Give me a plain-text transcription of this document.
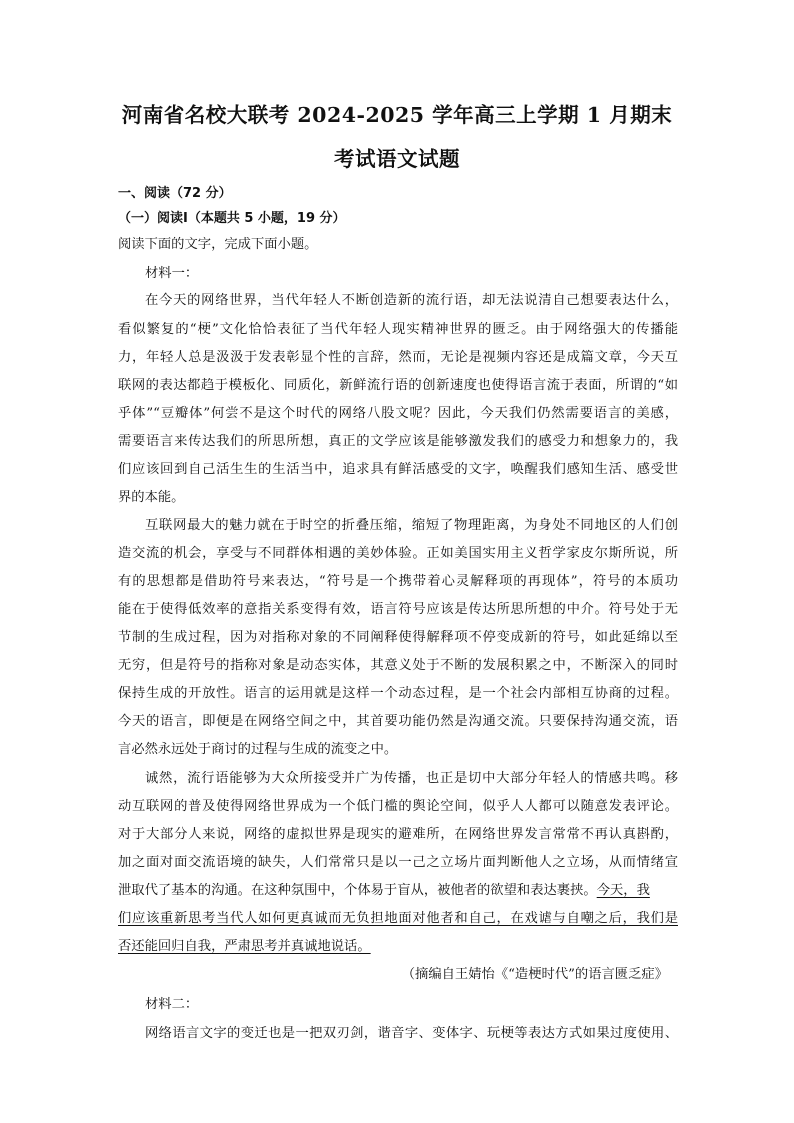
河南省名校大联考 2024-2025 学年高三上学期 1 月期末
考试语文试题
一、阅读（72 分）
（一）阅读Ⅰ（本题共 5 小题，19 分）
阅读下面的文字，完成下面小题。
材料一：
在今天的网络世界，当代年轻人不断创造新的流行语，却无法说清自己想要表达什么，
看似繁复的“梗”文化恰恰表征了当代年轻人现实精神世界的匮乏。由于网络强大的传播能
力，年轻人总是汲汲于发表彰显个性的言辞，然而，无论是视频内容还是成篇文章，今天互
联网的表达都趋于模板化、同质化，新鲜流行语的创新速度也使得语言流于表面，所谓的“如
乎体”“豆瓣体”何尝不是这个时代的网络八股文呢？因此，今天我们仍然需要语言的美感，
需要语言来传达我们的所思所想，真正的文学应该是能够激发我们的感受力和想象力的，我
们应该回到自己活生生的生活当中，追求具有鲜活感受的文字，唤醒我们感知生活、感受世
界的本能。
互联网最大的魅力就在于时空的折叠压缩，缩短了物理距离，为身处不同地区的人们创
造交流的机会，享受与不同群体相遇的美妙体验。正如美国实用主义哲学家皮尔斯所说，所
有的思想都是借助符号来表达，“符号是一个携带着心灵解释项的再现体”，符号的本质功
能在于使得低效率的意指关系变得有效，语言符号应该是传达所思所想的中介。符号处于无
节制的生成过程，因为对指称对象的不同阐释使得解释项不停变成新的符号，如此延绵以至
无穷，但是符号的指称对象是动态实体，其意义处于不断的发展积累之中，不断深入的同时
保持生成的开放性。语言的运用就是这样一个动态过程，是一个社会内部相互协商的过程。
今天的语言，即便是在网络空间之中，其首要功能仍然是沟通交流。只要保持沟通交流，语
言必然永远处于商讨的过程与生成的流变之中。
诚然，流行语能够为大众所接受并广为传播，也正是切中大部分年轻人的情感共鸣。移
动互联网的普及使得网络世界成为一个低门槛的舆论空间，似乎人人都可以随意发表评论。
对于大部分人来说，网络的虚拟世界是现实的避难所，在网络世界发言常常不再认真斟酌，
加之面对面交流语境的缺失，人们常常只是以一己之立场片面判断他人之立场，从而情绪宣
泄取代了基本的沟通。在这种氛围中，个体易于盲从，被他者的欲望和表达裹挟。今天，我
们应该重新思考当代人如何更真诚而无负担地面对他者和自己，在戏谑与自嘲之后，我们是
否还能回归自我，严肃思考并真诚地说话。
（摘编自王婧怡《“造梗时代”的语言匮乏症》
材料二：
网络语言文字的变迁也是一把双刃剑，谐音字、变体字、玩梗等表达方式如果过度使用、
